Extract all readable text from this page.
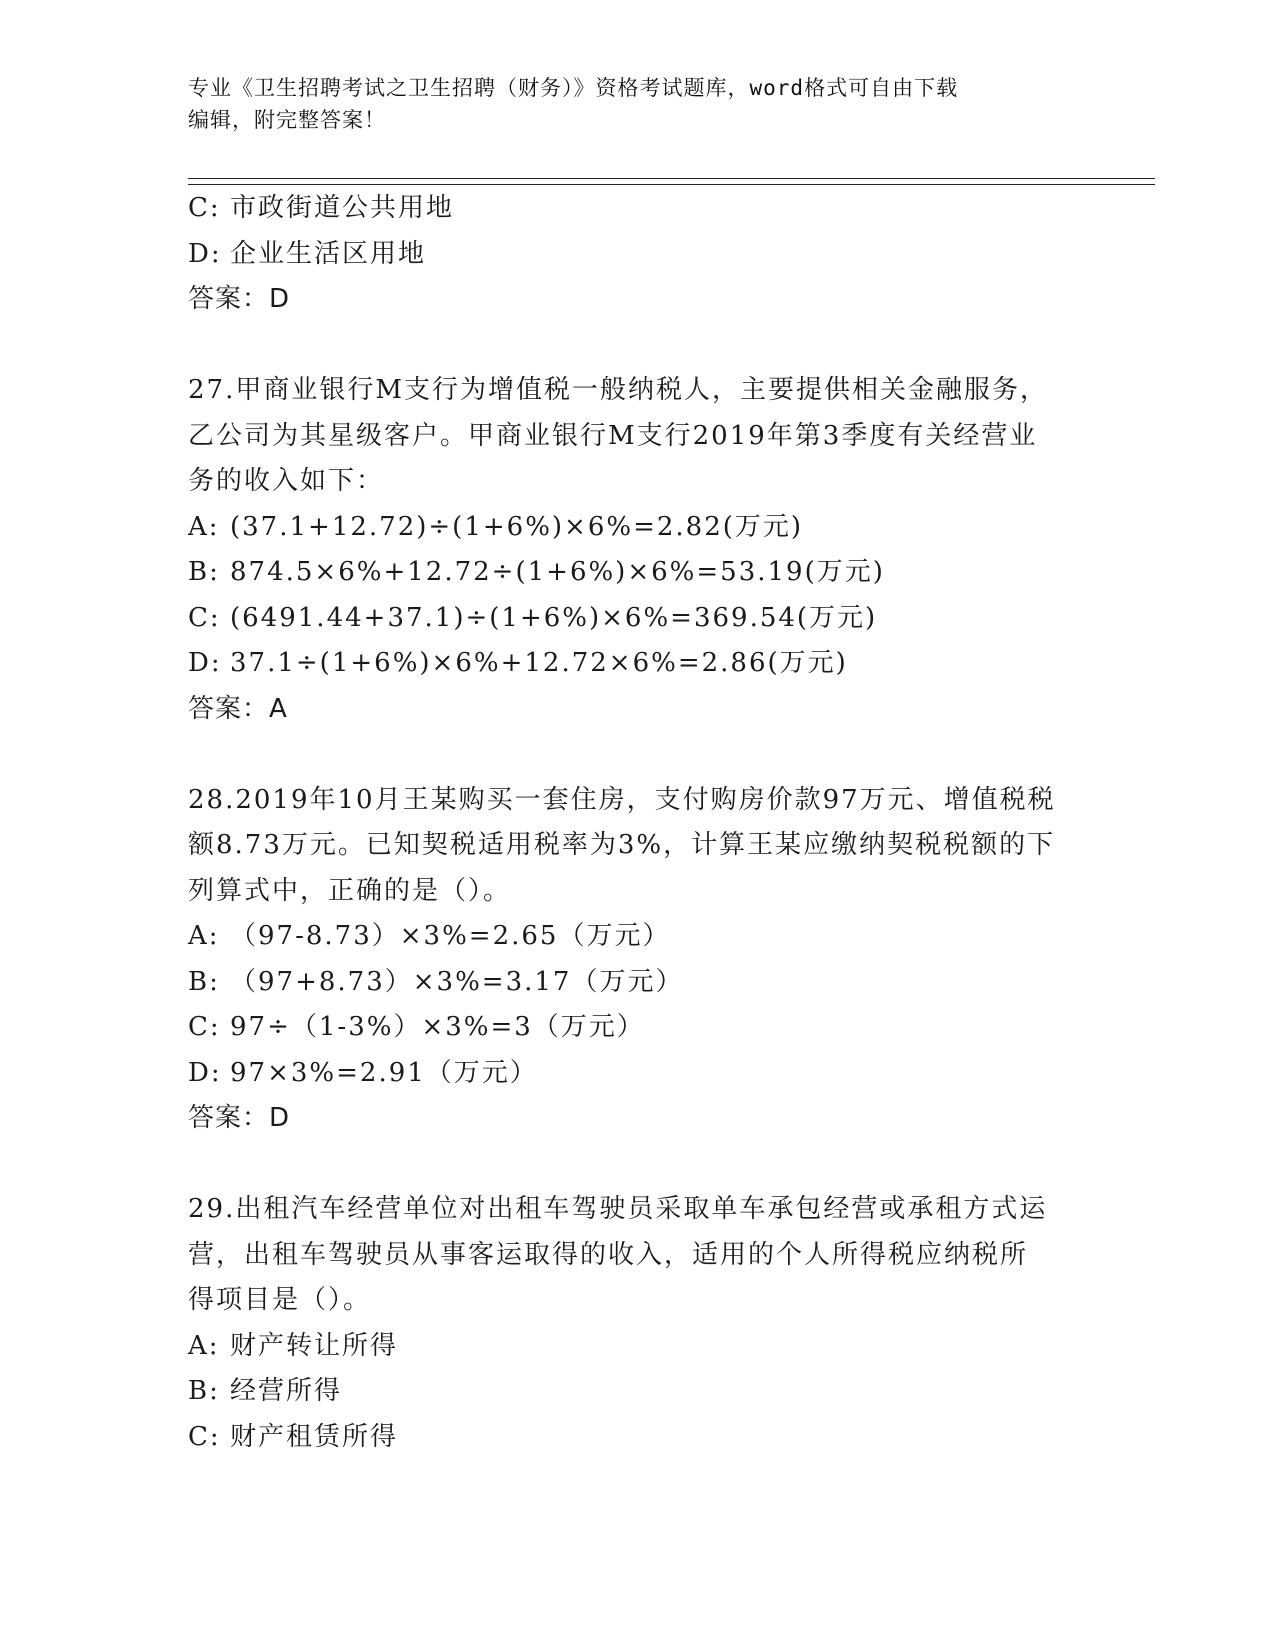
专业《卫生招聘考试之卫生招聘（财务）》资格考试题库，word格式可自由下载
编辑，附完整答案！
C: 市政街道公共用地
D: 企业生活区用地
答案：D
27.甲商业银行M支行为增值税一般纳税人，主要提供相关金融服务，
乙公司为其星级客户。甲商业银行M支行2019年第3季度有关经营业
务的收入如下：
A: (37.1+12.72)÷(1+6%)×6%=2.82(万元)
B: 874.5×6%+12.72÷(1+6%)×6%=53.19(万元)
C: (6491.44+37.1)÷(1+6%)×6%=369.54(万元)
D: 37.1÷(1+6%)×6%+12.72×6%=2.86(万元)
答案：A
28.2019年10月王某购买一套住房，支付购房价款97万元、增值税税
额8.73万元。已知契税适用税率为3%，计算王某应缴纳契税税额的下
列算式中，正确的是（）。
A: （97-8.73）×3%=2.65（万元）
B: （97+8.73）×3%=3.17（万元）
C: 97÷（1-3%）×3%=3（万元）
D: 97×3%=2.91（万元）
答案：D
29.出租汽车经营单位对出租车驾驶员采取单车承包经营或承租方式运
营，出租车驾驶员从事客运取得的收入，适用的个人所得税应纳税所
得项目是（）。
A: 财产转让所得
B: 经营所得
C: 财产租赁所得
